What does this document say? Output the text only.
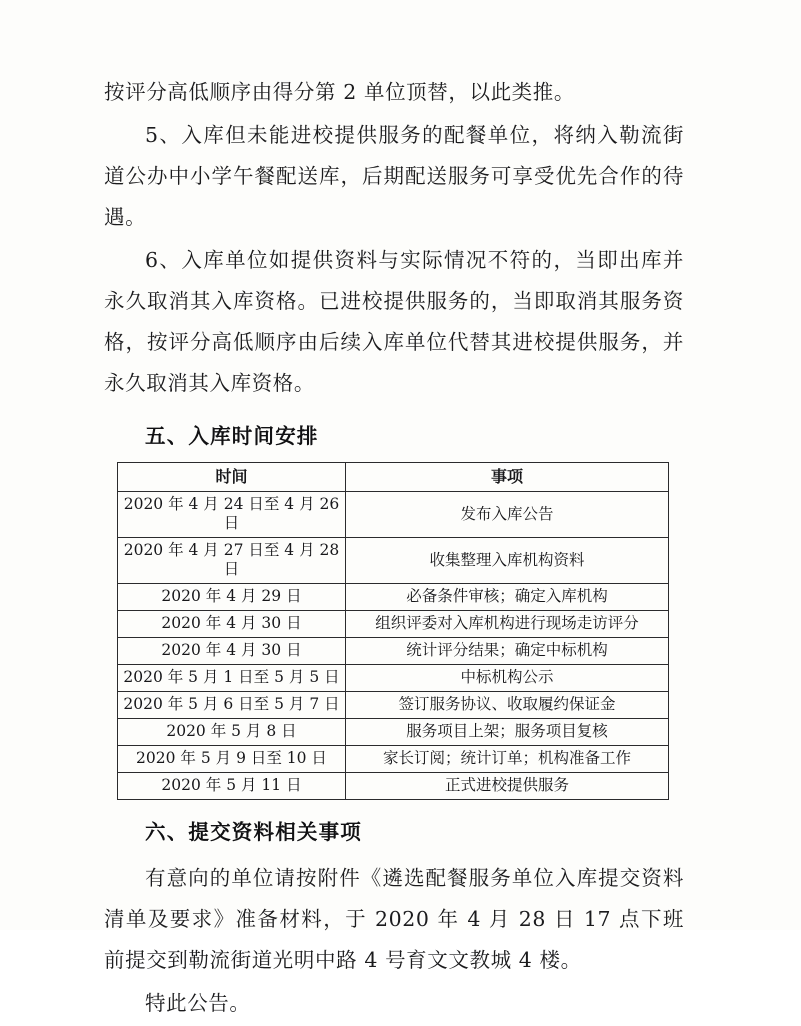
按评分高低顺序由得分第 2 单位顶替，以此类推。

5、入库但未能进校提供服务的配餐单位，将纳入勒流街道公办中小学午餐配送库，后期配送服务可享受优先合作的待遇。

6、入库单位如提供资料与实际情况不符的，当即出库并永久取消其入库资格。已进校提供服务的，当即取消其服务资格，按评分高低顺序由后续入库单位代替其进校提供服务，并永久取消其入库资格。

五、入库时间安排
时间	事项
2020 年 4 月 24 日至 4 月 26 日	发布入库公告
2020 年 4 月 27 日至 4 月 28 日	收集整理入库机构资料
2020 年 4 月 29 日	必备条件审核；确定入库机构
2020 年 4 月 30 日	组织评委对入库机构进行现场走访评分
2020 年 4 月 30 日	统计评分结果；确定中标机构
2020 年 5 月 1 日至 5 月 5 日	中标机构公示
2020 年 5 月 6 日至 5 月 7 日	签订服务协议、收取履约保证金
2020 年 5 月 8 日	服务项目上架；服务项目复核
2020 年 5 月 9 日至 10 日	家长订阅；统计订单；机构准备工作
2020 年 5 月 11 日	正式进校提供服务
六、提交资料相关事项

有意向的单位请按附件《遴选配餐服务单位入库提交资料清单及要求》准备材料，于 2020 年 4 月 28 日 17 点下班前提交到勒流街道光明中路 4 号育文文教城 4 楼。

特此公告。
